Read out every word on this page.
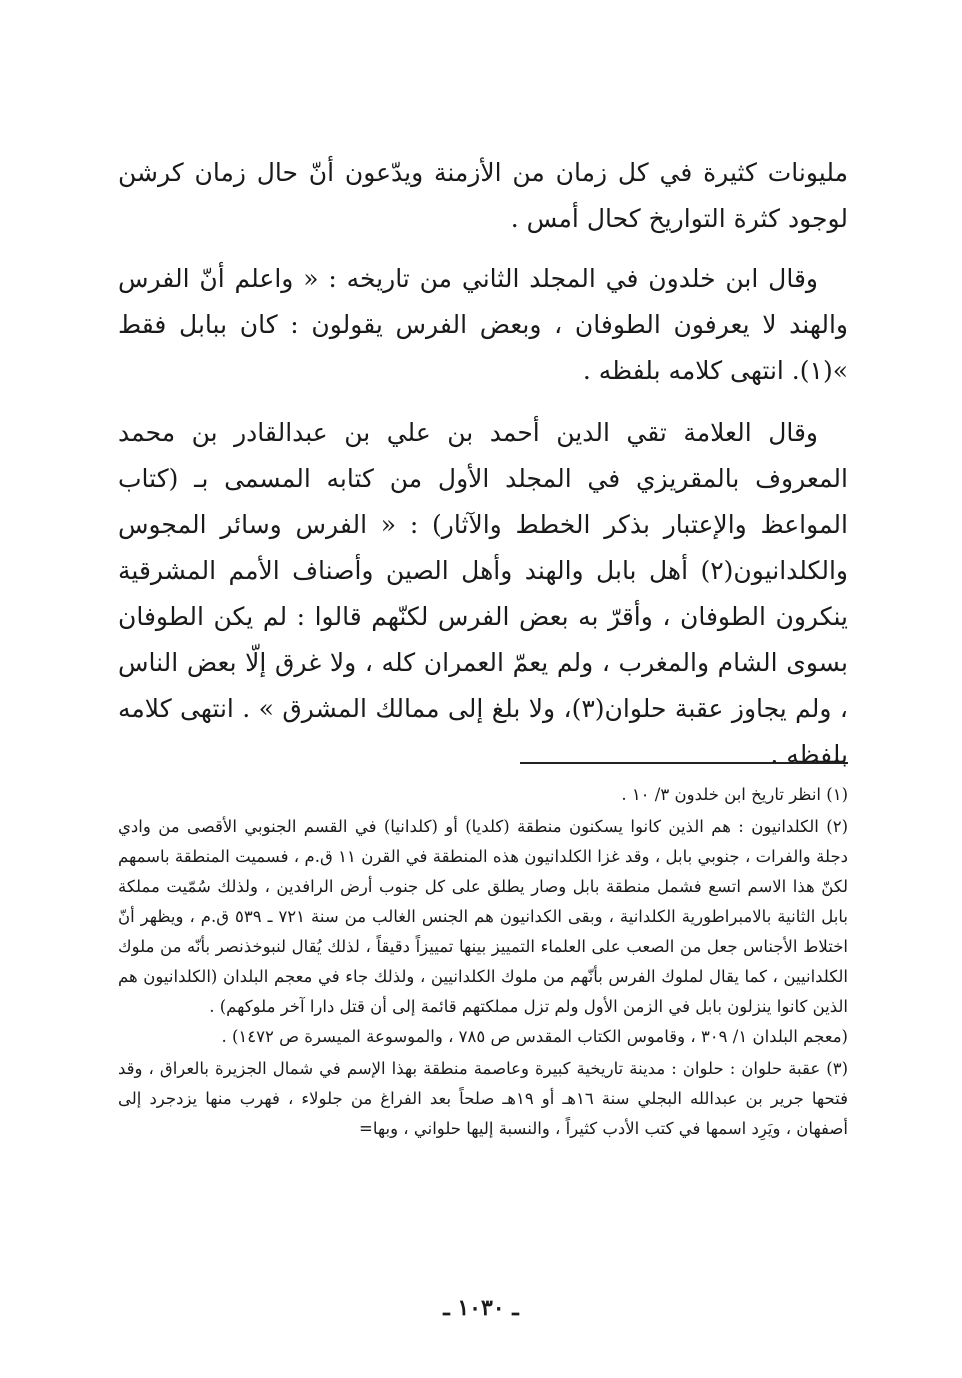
مليونات كثيرة في كل زمان من الأزمنة ويدّعون أنّ حال زمان كرشن لوجود كثرة التواريخ كحال أمس .

وقال ابن خلدون في المجلد الثاني من تاريخه : « واعلم أنّ الفرس والهند لا يعرفون الطوفان ، وبعض الفرس يقولون : كان ببابل فقط »(١). انتهى كلامه بلفظه .

وقال العلامة تقي الدين أحمد بن علي بن عبدالقادر بن محمد المعروف بالمقريزي في المجلد الأول من كتابه المسمى بـ (كتاب المواعظ والإعتبار بذكر الخطط والآثار) : « الفرس وسائر المجوس والكلدانيون(٢) أهل بابل والهند وأهل الصين وأصناف الأمم المشرقية ينكرون الطوفان ، وأقرّ به بعض الفرس لكنّهم قالوا : لم يكن الطوفان بسوى الشام والمغرب ، ولم يعمّ العمران كله ، ولا غرق إلّا بعض الناس ، ولم يجاوز عقبة حلوان(٣)، ولا بلغ إلى ممالك المشرق » . انتهى كلامه بلفظه .

(١) انظر تاريخ ابن خلدون ٣/ ١٠ .

(٢) الكلدانيون : هم الذين كانوا يسكنون منطقة (كلديا) أو (كلدانيا) في القسم الجنوبي الأقصى من وادي دجلة والفرات ، جنوبي بابل ، وقد غزا الكلدانيون هذه المنطقة في القرن ١١ ق.م ، فسميت المنطقة باسمهم لكنّ هذا الاسم اتسع فشمل منطقة بابل وصار يطلق على كل جنوب أرض الرافدين ، ولذلك سُمّيت مملكة بابل الثانية بالامبراطورية الكلدانية ، وبقى الكدانيون هم الجنس الغالب من سنة ٧٢١ ـ ٥٣٩ ق.م ، ويظهر أنّ اختلاط الأجناس جعل من الصعب على العلماء التمييز بينها تمييزاً دقيقاً ، لذلك يُقال لنبوخذنصر بأنّه من ملوك الكلدانيين ، كما يقال لملوك الفرس بأنّهم من ملوك الكلدانيين ، ولذلك جاء في معجم البلدان (الكلدانيون هم الذين كانوا ينزلون بابل في الزمن الأول ولم تزل مملكتهم قائمة إلى أن قتل دارا آخر ملوكهم) .

(معجم البلدان ١/ ٣٠٩ ، وقاموس الكتاب المقدس ص ٧٨٥ ، والموسوعة الميسرة ص ١٤٧٢) .

(٣) عقبة حلوان : حلوان : مدينة تاريخية كبيرة وعاصمة منطقة بهذا الإسم في شمال الجزيرة بالعراق ، وقد فتحها جرير بن عبدالله البجلي سنة ١٦هـ أو ١٩هـ صلحاً بعد الفراغ من جلولاء ، فهرب منها يزدجرد إلى أصفهان ، ويَرِد اسمها في كتب الأدب كثيراً ، والنسبة إليها حلواني ، وبها=

ـ ١٠٣٠ ـ
